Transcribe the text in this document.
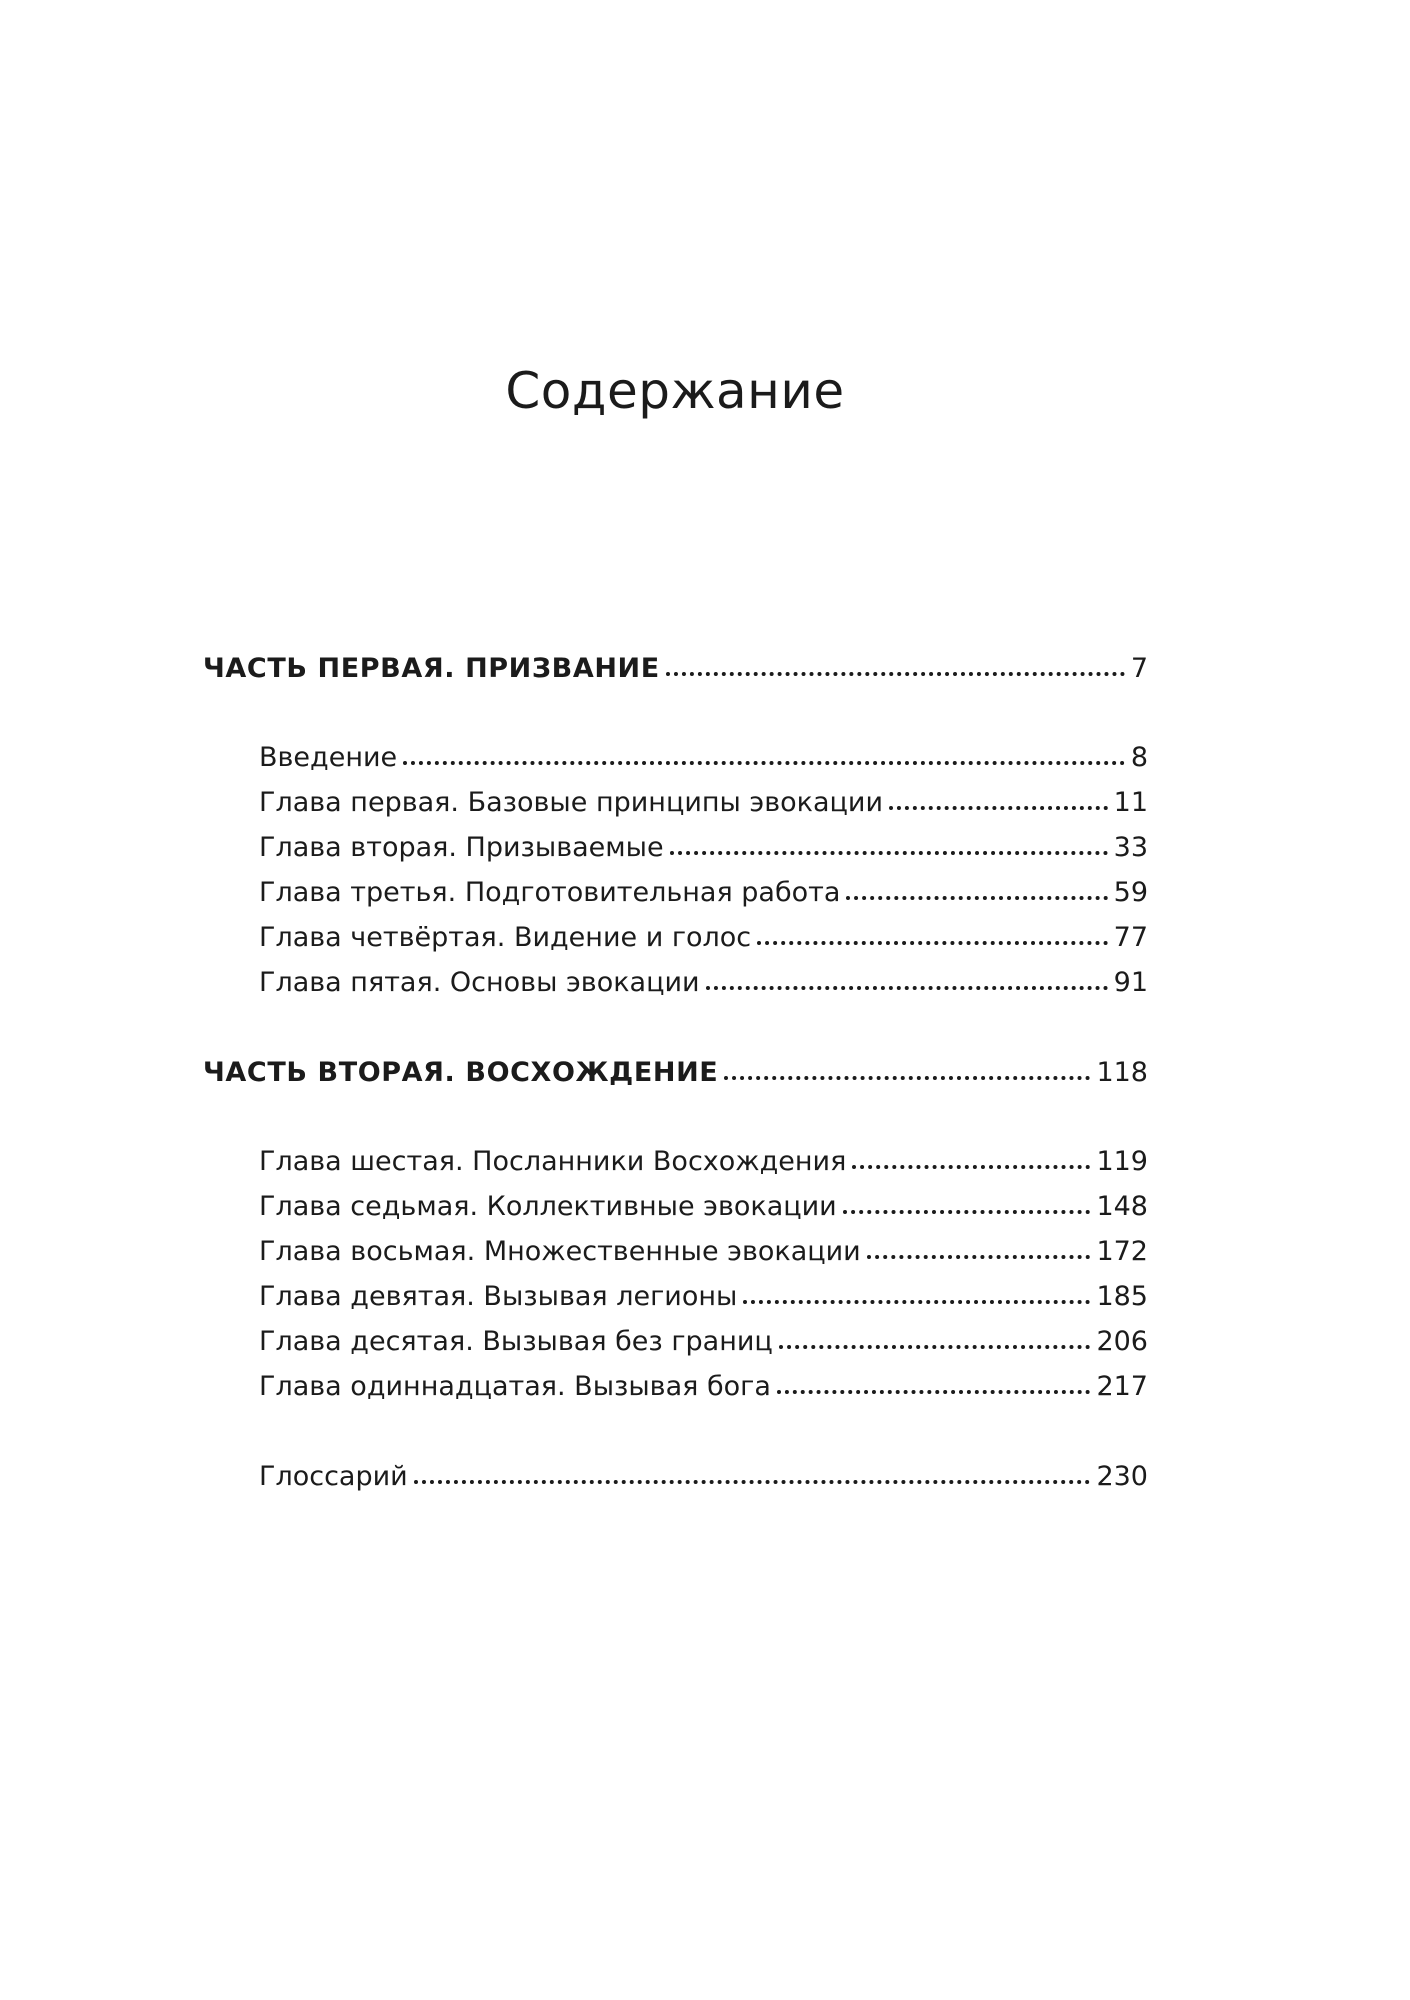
Содержание
ЧАСТЬ ПЕРВАЯ. ПРИЗВАНИЕ	7
Введение	8
Глава первая. Базовые принципы эвокации	11
Глава вторая. Призываемые	33
Глава третья. Подготовительная работа	59
Глава четвёртая. Видение и голос	77
Глава пятая. Основы эвокации	91
ЧАСТЬ ВТОРАЯ. ВОСХОЖДЕНИЕ	118
Глава шестая. Посланники Восхождения	119
Глава седьмая. Коллективные эвокации	148
Глава восьмая. Множественные эвокации	172
Глава девятая. Вызывая легионы	185
Глава десятая. Вызывая без границ	206
Глава одиннадцатая. Вызывая бога	217
Глоссарий	230
